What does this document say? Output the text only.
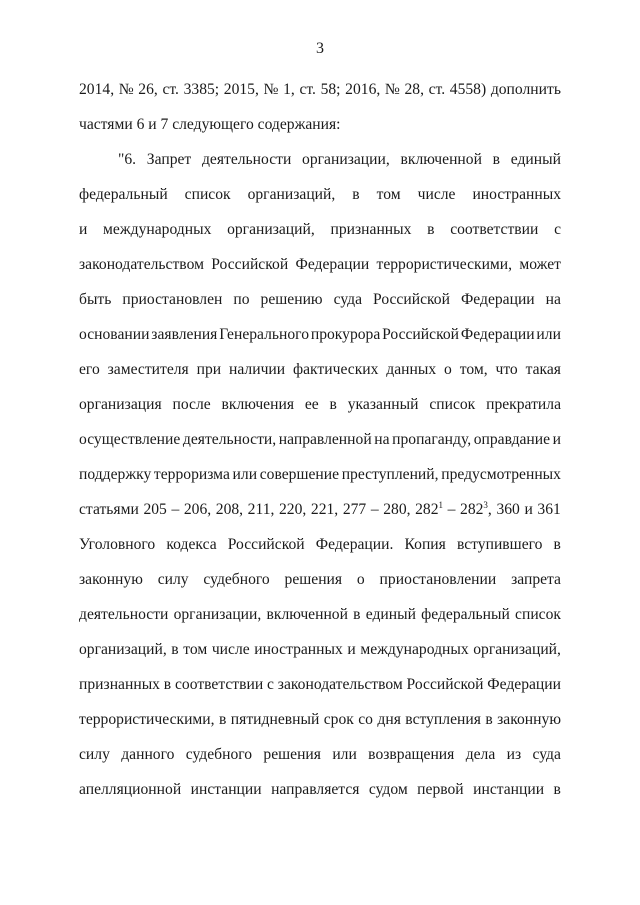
3
2014, № 26, ст. 3385; 2015, № 1, ст. 58; 2016, № 28, ст. 4558) дополнить
частями 6 и 7 следующего содержания:
"6. Запрет деятельности организации, включенной в единый
федеральный список организаций, в том числе иностранных
и международных организаций, признанных в соответствии с
законодательством Российской Федерации террористическими, может
быть приостановлен по решению суда Российской Федерации на
основании заявления Генерального прокурора Российской Федерации или
его заместителя при наличии фактических данных о том, что такая
организация после включения ее в указанный список прекратила
осуществление деятельности, направленной на пропаганду, оправдание и
поддержку терроризма или совершение преступлений, предусмотренных
статьями 205 – 206, 208, 211, 220, 221, 277 – 280, $282^1 - 282^3$, 360 и 361
Уголовного кодекса Российской Федерации. Копия вступившего в
законную силу судебного решения о приостановлении запрета
деятельности организации, включенной в единый федеральный список
организаций, в том числе иностранных и международных организаций,
признанных в соответствии с законодательством Российской Федерации
террористическими, в пятидневный срок со дня вступления в законную
силу данного судебного решения или возвращения дела из суда
апелляционной инстанции направляется судом первой инстанции в
